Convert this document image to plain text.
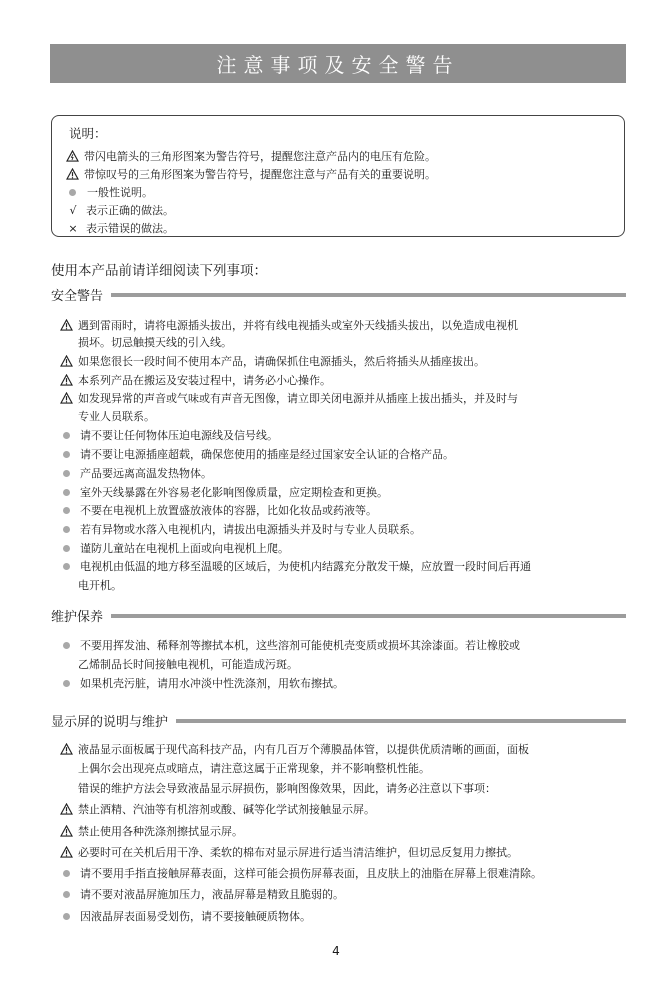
注意事项及安全警告
说明：
带闪电箭头的三角形图案为警告符号，提醒您注意产品内的电压有危险。
带惊叹号的三角形图案为警告符号，提醒您注意与产品有关的重要说明。
一般性说明。
√ 表示正确的做法。
× 表示错误的做法。
使用本产品前请详细阅读下列事项：
安全警告
遇到雷雨时，请将电源插头拔出，并将有线电视插头或室外天线插头拔出，以免造成电视机
损坏。切忌触摸天线的引入线。
如果您很长一段时间不使用本产品，请确保抓住电源插头，然后将插头从插座拔出。
本系列产品在搬运及安装过程中，请务必小心操作。
如发现异常的声音或气味或有声音无图像，请立即关闭电源并从插座上拔出插头，并及时与
专业人员联系。
请不要让任何物体压迫电源线及信号线。
请不要让电源插座超载，确保您使用的插座是经过国家安全认证的合格产品。
产品要远离高温发热物体。
室外天线暴露在外容易老化影响图像质量，应定期检查和更换。
不要在电视机上放置盛放液体的容器，比如化妆品或药液等。
若有异物或水落入电视机内，请拔出电源插头并及时与专业人员联系。
谨防儿童站在电视机上面或向电视机上爬。
电视机由低温的地方移至温暖的区域后，为使机内结露充分散发干燥，应放置一段时间后再通
电开机。
维护保养
不要用挥发油、稀释剂等擦拭本机，这些溶剂可能使机壳变质或损坏其涂漆面。若让橡胶或
乙烯制品长时间接触电视机，可能造成污斑。
如果机壳污脏，请用水冲淡中性洗涤剂，用软布擦拭。
显示屏的说明与维护
液晶显示面板属于现代高科技产品，内有几百万个薄膜晶体管，以提供优质清晰的画面，面板
上偶尔会出现亮点或暗点，请注意这属于正常现象，并不影响整机性能。
错误的维护方法会导致液晶显示屏损伤，影响图像效果，因此，请务必注意以下事项：
禁止酒精、汽油等有机溶剂或酸、碱等化学试剂接触显示屏。
禁止使用各种洗涤剂擦拭显示屏。
必要时可在关机后用干净、柔软的棉布对显示屏进行适当清洁维护，但切忌反复用力擦拭。
请不要用手指直接触屏幕表面，这样可能会损伤屏幕表面，且皮肤上的油脂在屏幕上很难清除。
请不要对液晶屏施加压力，液晶屏幕是精致且脆弱的。
因液晶屏表面易受划伤，请不要接触硬质物体。
4
